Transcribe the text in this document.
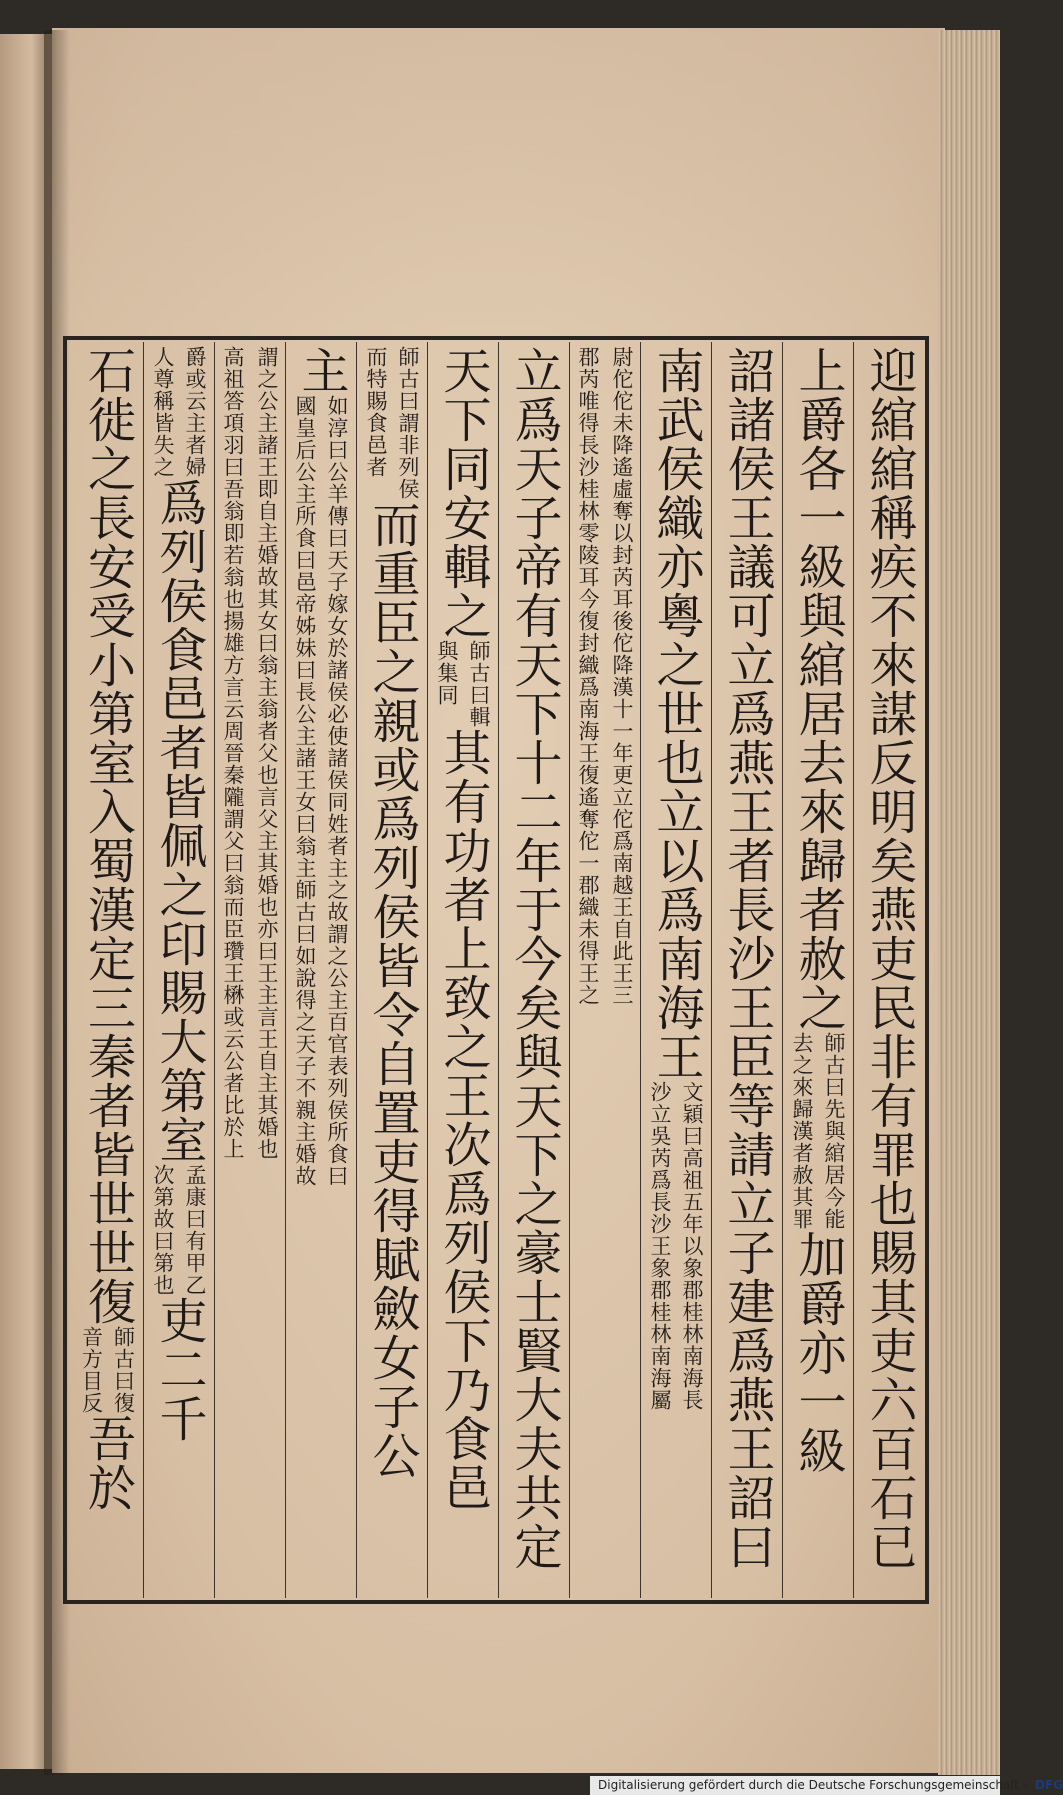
迎綰綰稱疾不來謀反明矣燕吏民非有罪也賜其吏六百石已
上爵各一級與綰居去來歸者赦之
師古曰先與綰居今能
去之來歸漢者赦其罪
加爵亦一級
詔諸侯王議可立爲燕王者長沙王臣等請立子建爲燕王詔曰
南武侯織亦粵之世也立以爲南海王
文穎曰高祖五年以象郡桂林南海長
沙立吳芮爲長沙王象郡桂林南海屬
尉佗佗未降遙虛奪以封芮耳後佗降漢十一年更立佗爲南越王自此王三
郡芮唯得長沙桂林零陵耳今復封織爲南海王復遙奪佗一郡織未得王之
立爲天子帝有天下十二年于今矣與天下之豪士賢大夫共定
天下同安輯之
師古曰輯
與集同
其有功者上致之王次爲列侯下乃食邑
師古曰謂非列侯
而特賜食邑者
而重臣之親或爲列侯皆令自置吏得賦斂女子公
主
如淳曰公羊傳曰天子嫁女於諸侯必使諸侯同姓者主之故謂之公主百官表列侯所食曰
國皇后公主所食曰邑帝姊妹曰長公主諸王女曰翁主師古曰如說得之天子不親主婚故
謂之公主諸王即自主婚故其女曰翁主翁者父也言父主其婚也亦曰王主言王自主其婚也
高祖答項羽曰吾翁即若翁也揚雄方言云周晉秦隴謂父曰翁而臣瓚王楙或云公者比於上
爵或云主者婦
人尊稱皆失之
爲列侯食邑者皆佩之印賜大第室
孟康曰有甲乙
次第故曰第也
吏二千
石徙之長安受小第室入蜀漢定三秦者皆世世復
師古曰復
音方目反
吾於
Digitalisierung gefördert durch die Deutsche Forschungsgemeinschaft - DFG
